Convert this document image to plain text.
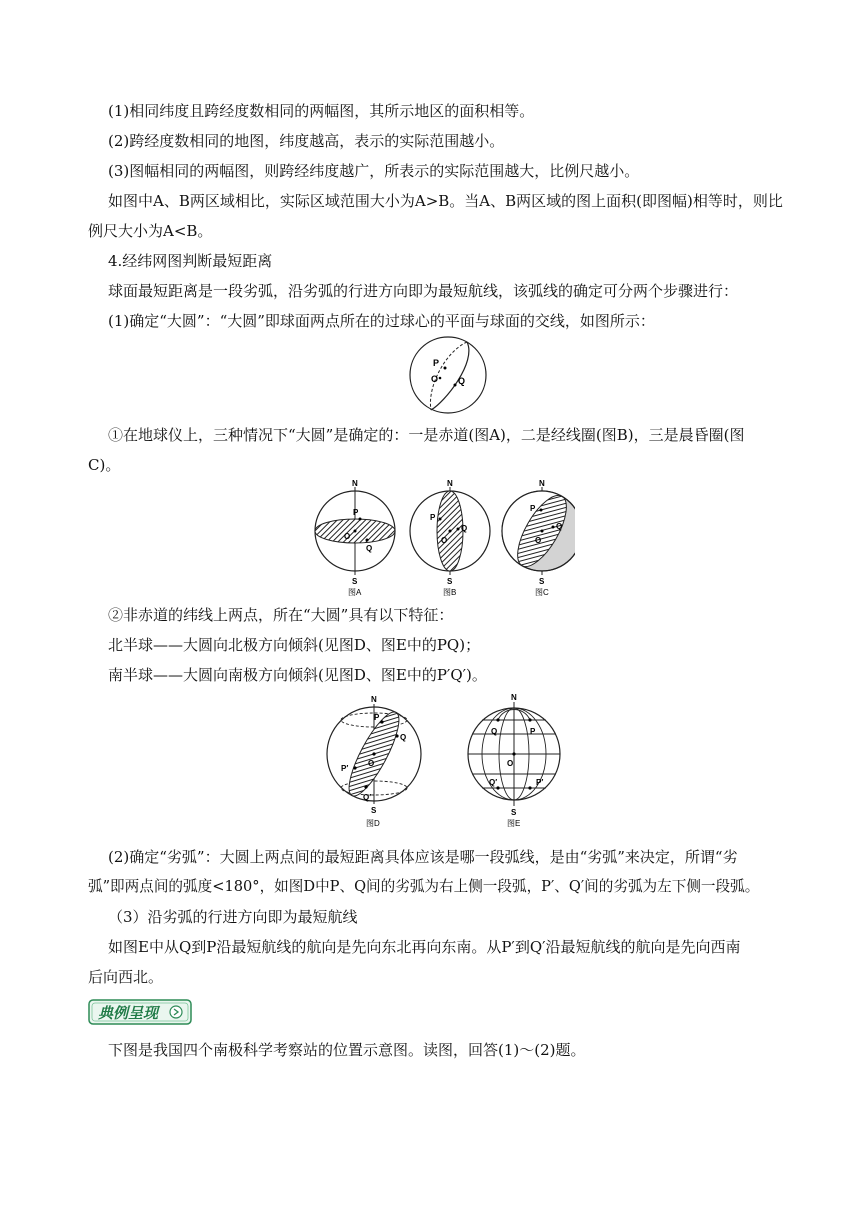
(1)相同纬度且跨经度数相同的两幅图，其所示地区的面积相等。
(2)跨经度数相同的地图，纬度越高，表示的实际范围越小。
(3)图幅相同的两幅图，则跨经纬度越广，所表示的实际范围越大，比例尺越小。
如图中A、B两区域相比，实际区域范围大小为A>B。当A、B两区域的图上面积(即图幅)相等时，则比
例尺大小为A<B。
4.经纬网图判断最短距离
球面最短距离是一段劣弧，沿劣弧的行进方向即为最短航线，该弧线的确定可分两个步骤进行：
(1)确定“大圆”：“大圆”即球面两点所在的过球心的平面与球面的交线，如图所示：
P
O Q
①在地球仪上，三种情况下“大圆”是确定的：一是赤道(图A)，二是经线圈(图B)，三是晨昏圈(图
C)。
N
P
O
Q
S
图A
N
P
O
Q
S
图B
N
P
O
Q
S
图C
②非赤道的纬线上两点，所在“大圆”具有以下特征：
北半球——大圆向北极方向倾斜(见图D、图E中的PQ)；
南半球——大圆向南极方向倾斜(见图D、图E中的P′Q′)。
N
P
O
Q
P′
Q′
S
图D
N
Q	P
O
Q′	P′
S
图E
(2)确定“劣弧”：大圆上两点间的最短距离具体应该是哪一段弧线，是由“劣弧”来决定，所谓“劣
弧”即两点间的弧度<180°，如图D中P、Q间的劣弧为右上侧一段弧，P′、Q′间的劣弧为左下侧一段弧。
（3）沿劣弧的行进方向即为最短航线
如图E中从Q到P沿最短航线的航向是先向东北再向东南。从P′到Q′沿最短航线的航向是先向西南
后向西北。
典例呈现
下图是我国四个南极科学考察站的位置示意图。读图，回答(1)～(2)题。
